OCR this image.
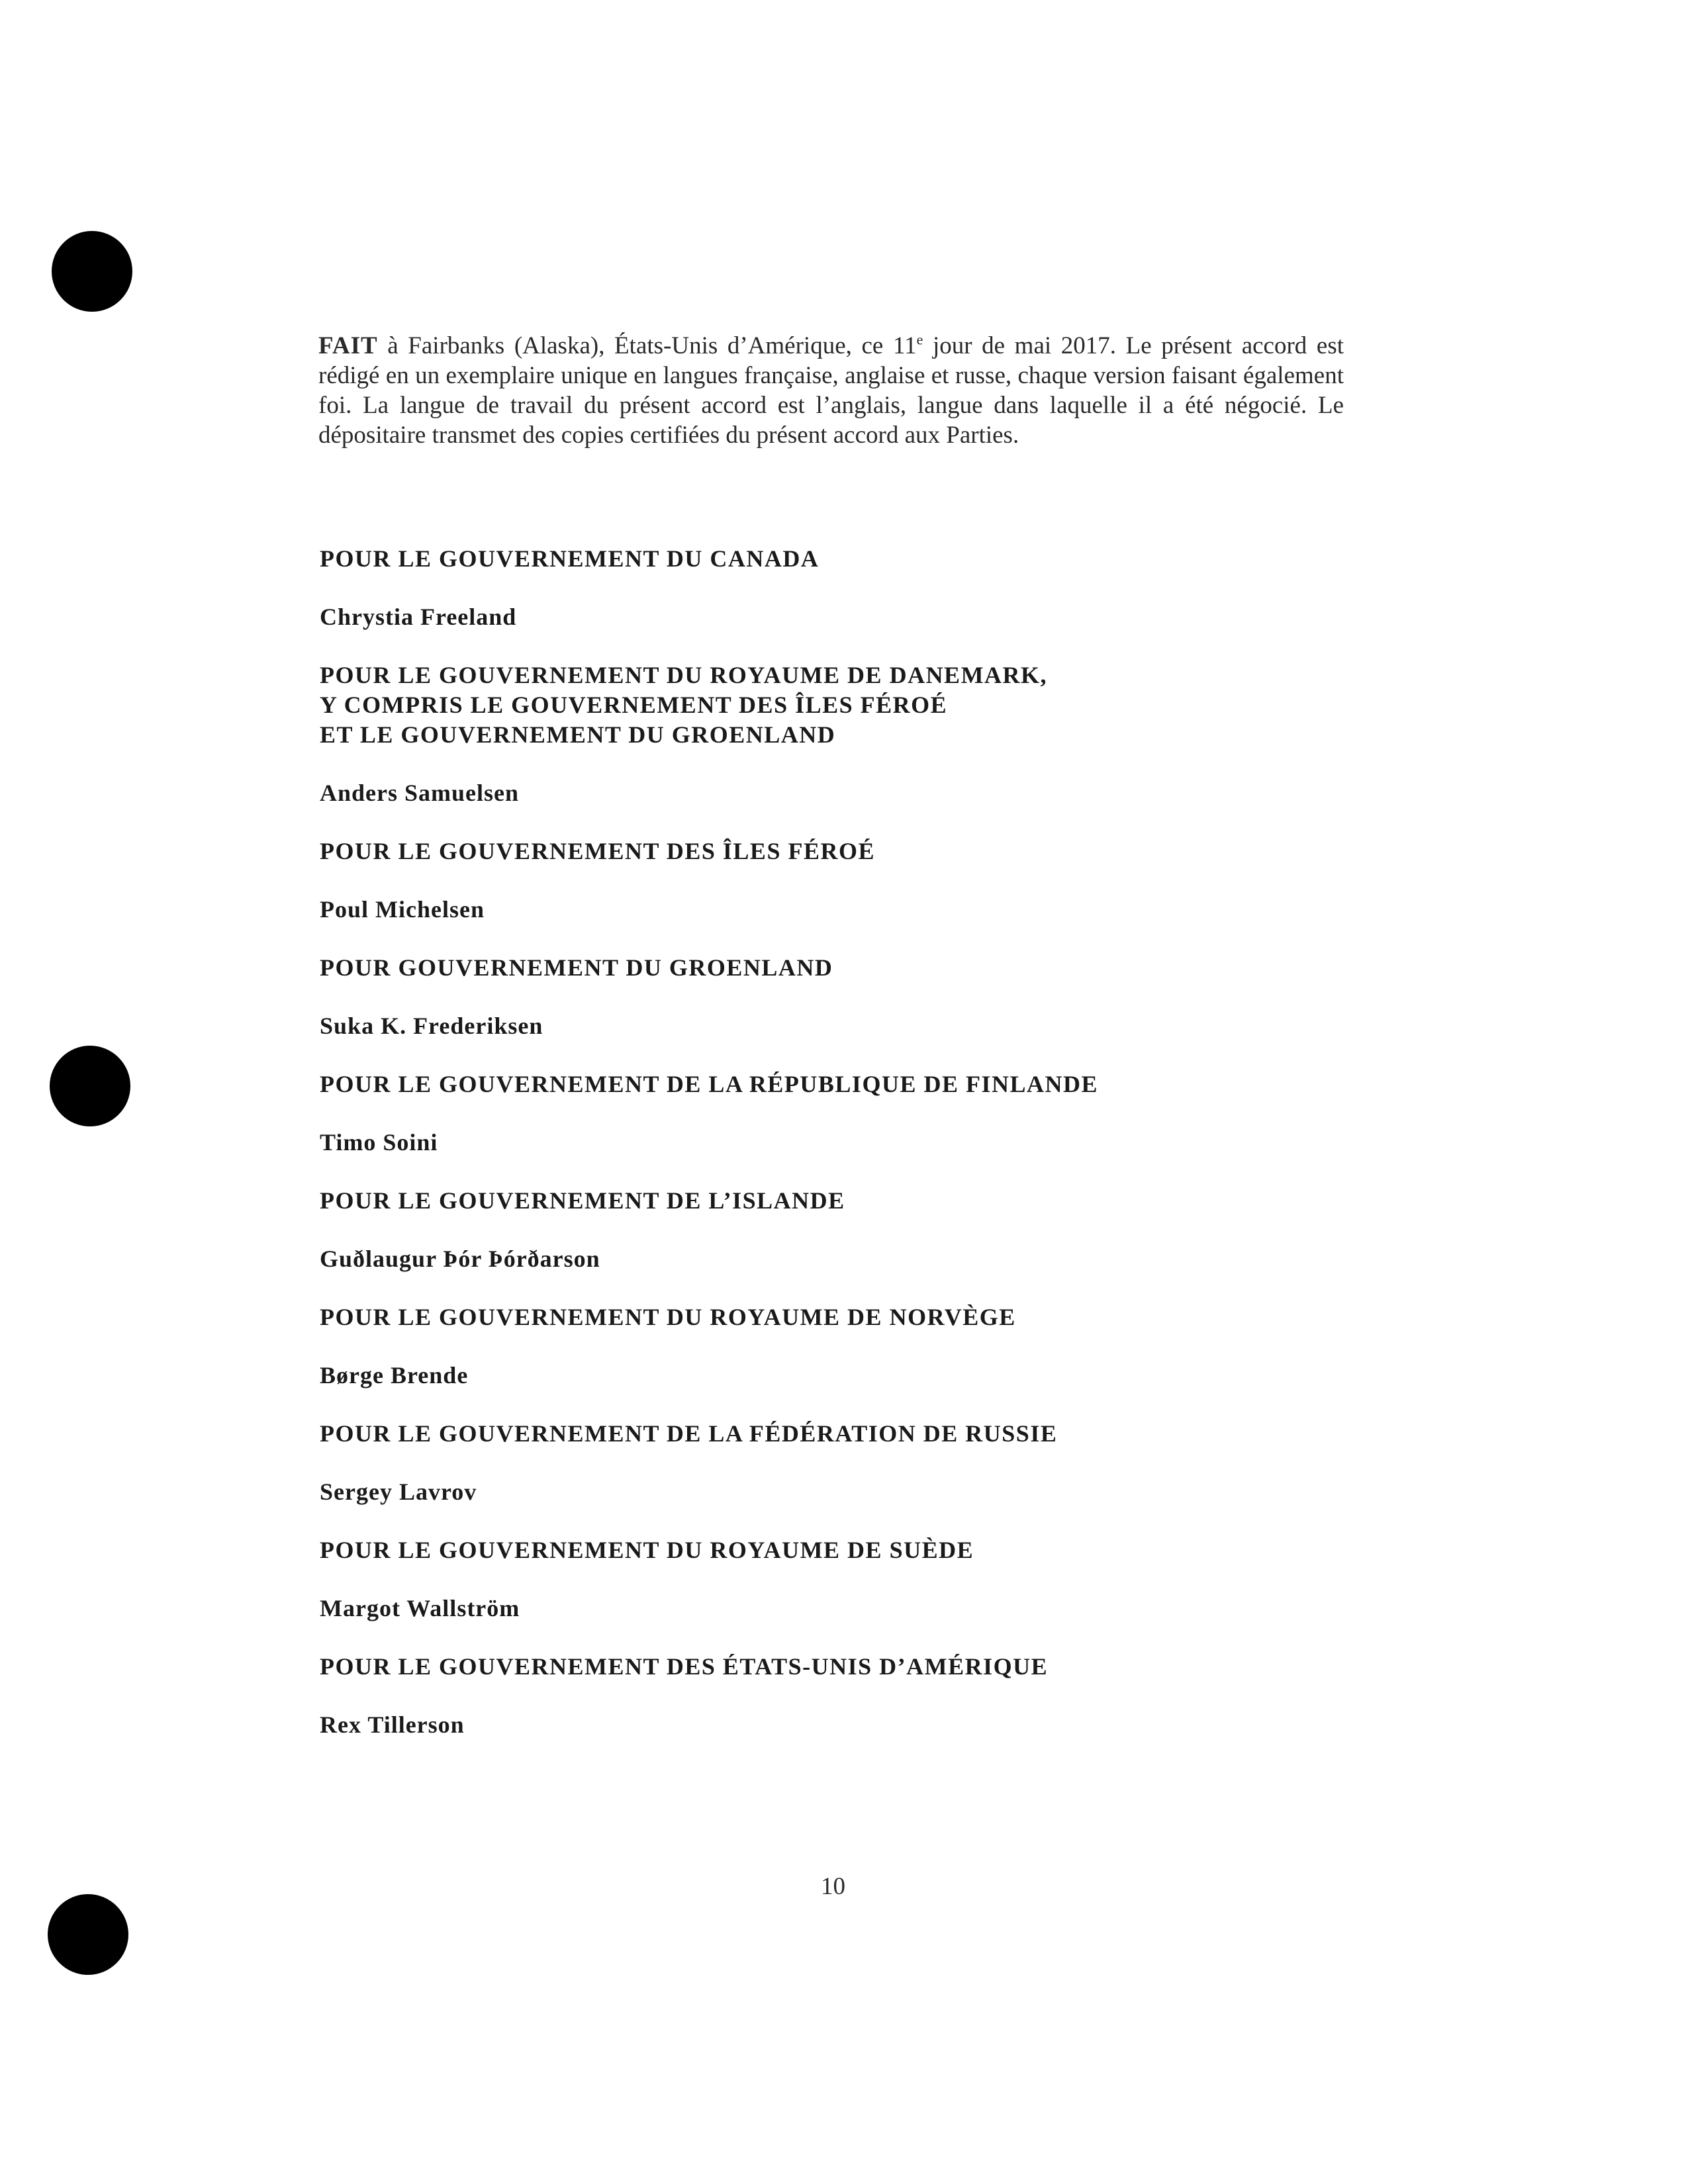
FAIT à Fairbanks (Alaska), États-Unis d’Amérique, ce 11e jour de mai 2017. Le présent accord est rédigé en un exemplaire unique en langues française, anglaise et russe, chaque version faisant également foi. La langue de travail du présent accord est l’anglais, langue dans laquelle il a été négocié. Le dépositaire transmet des copies certifiées du présent accord aux Parties.

POUR LE GOUVERNEMENT DU CANADA

Chrystia Freeland

POUR LE GOUVERNEMENT DU ROYAUME DE DANEMARK,
Y COMPRIS LE GOUVERNEMENT DES ÎLES FÉROÉ
ET LE GOUVERNEMENT DU GROENLAND

Anders Samuelsen

POUR LE GOUVERNEMENT DES ÎLES FÉROÉ

Poul Michelsen

POUR GOUVERNEMENT DU GROENLAND

Suka K. Frederiksen

POUR LE GOUVERNEMENT DE LA RÉPUBLIQUE DE FINLANDE

Timo Soini

POUR LE GOUVERNEMENT DE L’ISLANDE

Guðlaugur Þór Þórðarson

POUR LE GOUVERNEMENT DU ROYAUME DE NORVÈGE

Børge Brende

POUR LE GOUVERNEMENT DE LA FÉDÉRATION DE RUSSIE

Sergey Lavrov

POUR LE GOUVERNEMENT DU ROYAUME DE SUÈDE

Margot Wallström

POUR LE GOUVERNEMENT DES ÉTATS-UNIS D’AMÉRIQUE

Rex Tillerson

10
